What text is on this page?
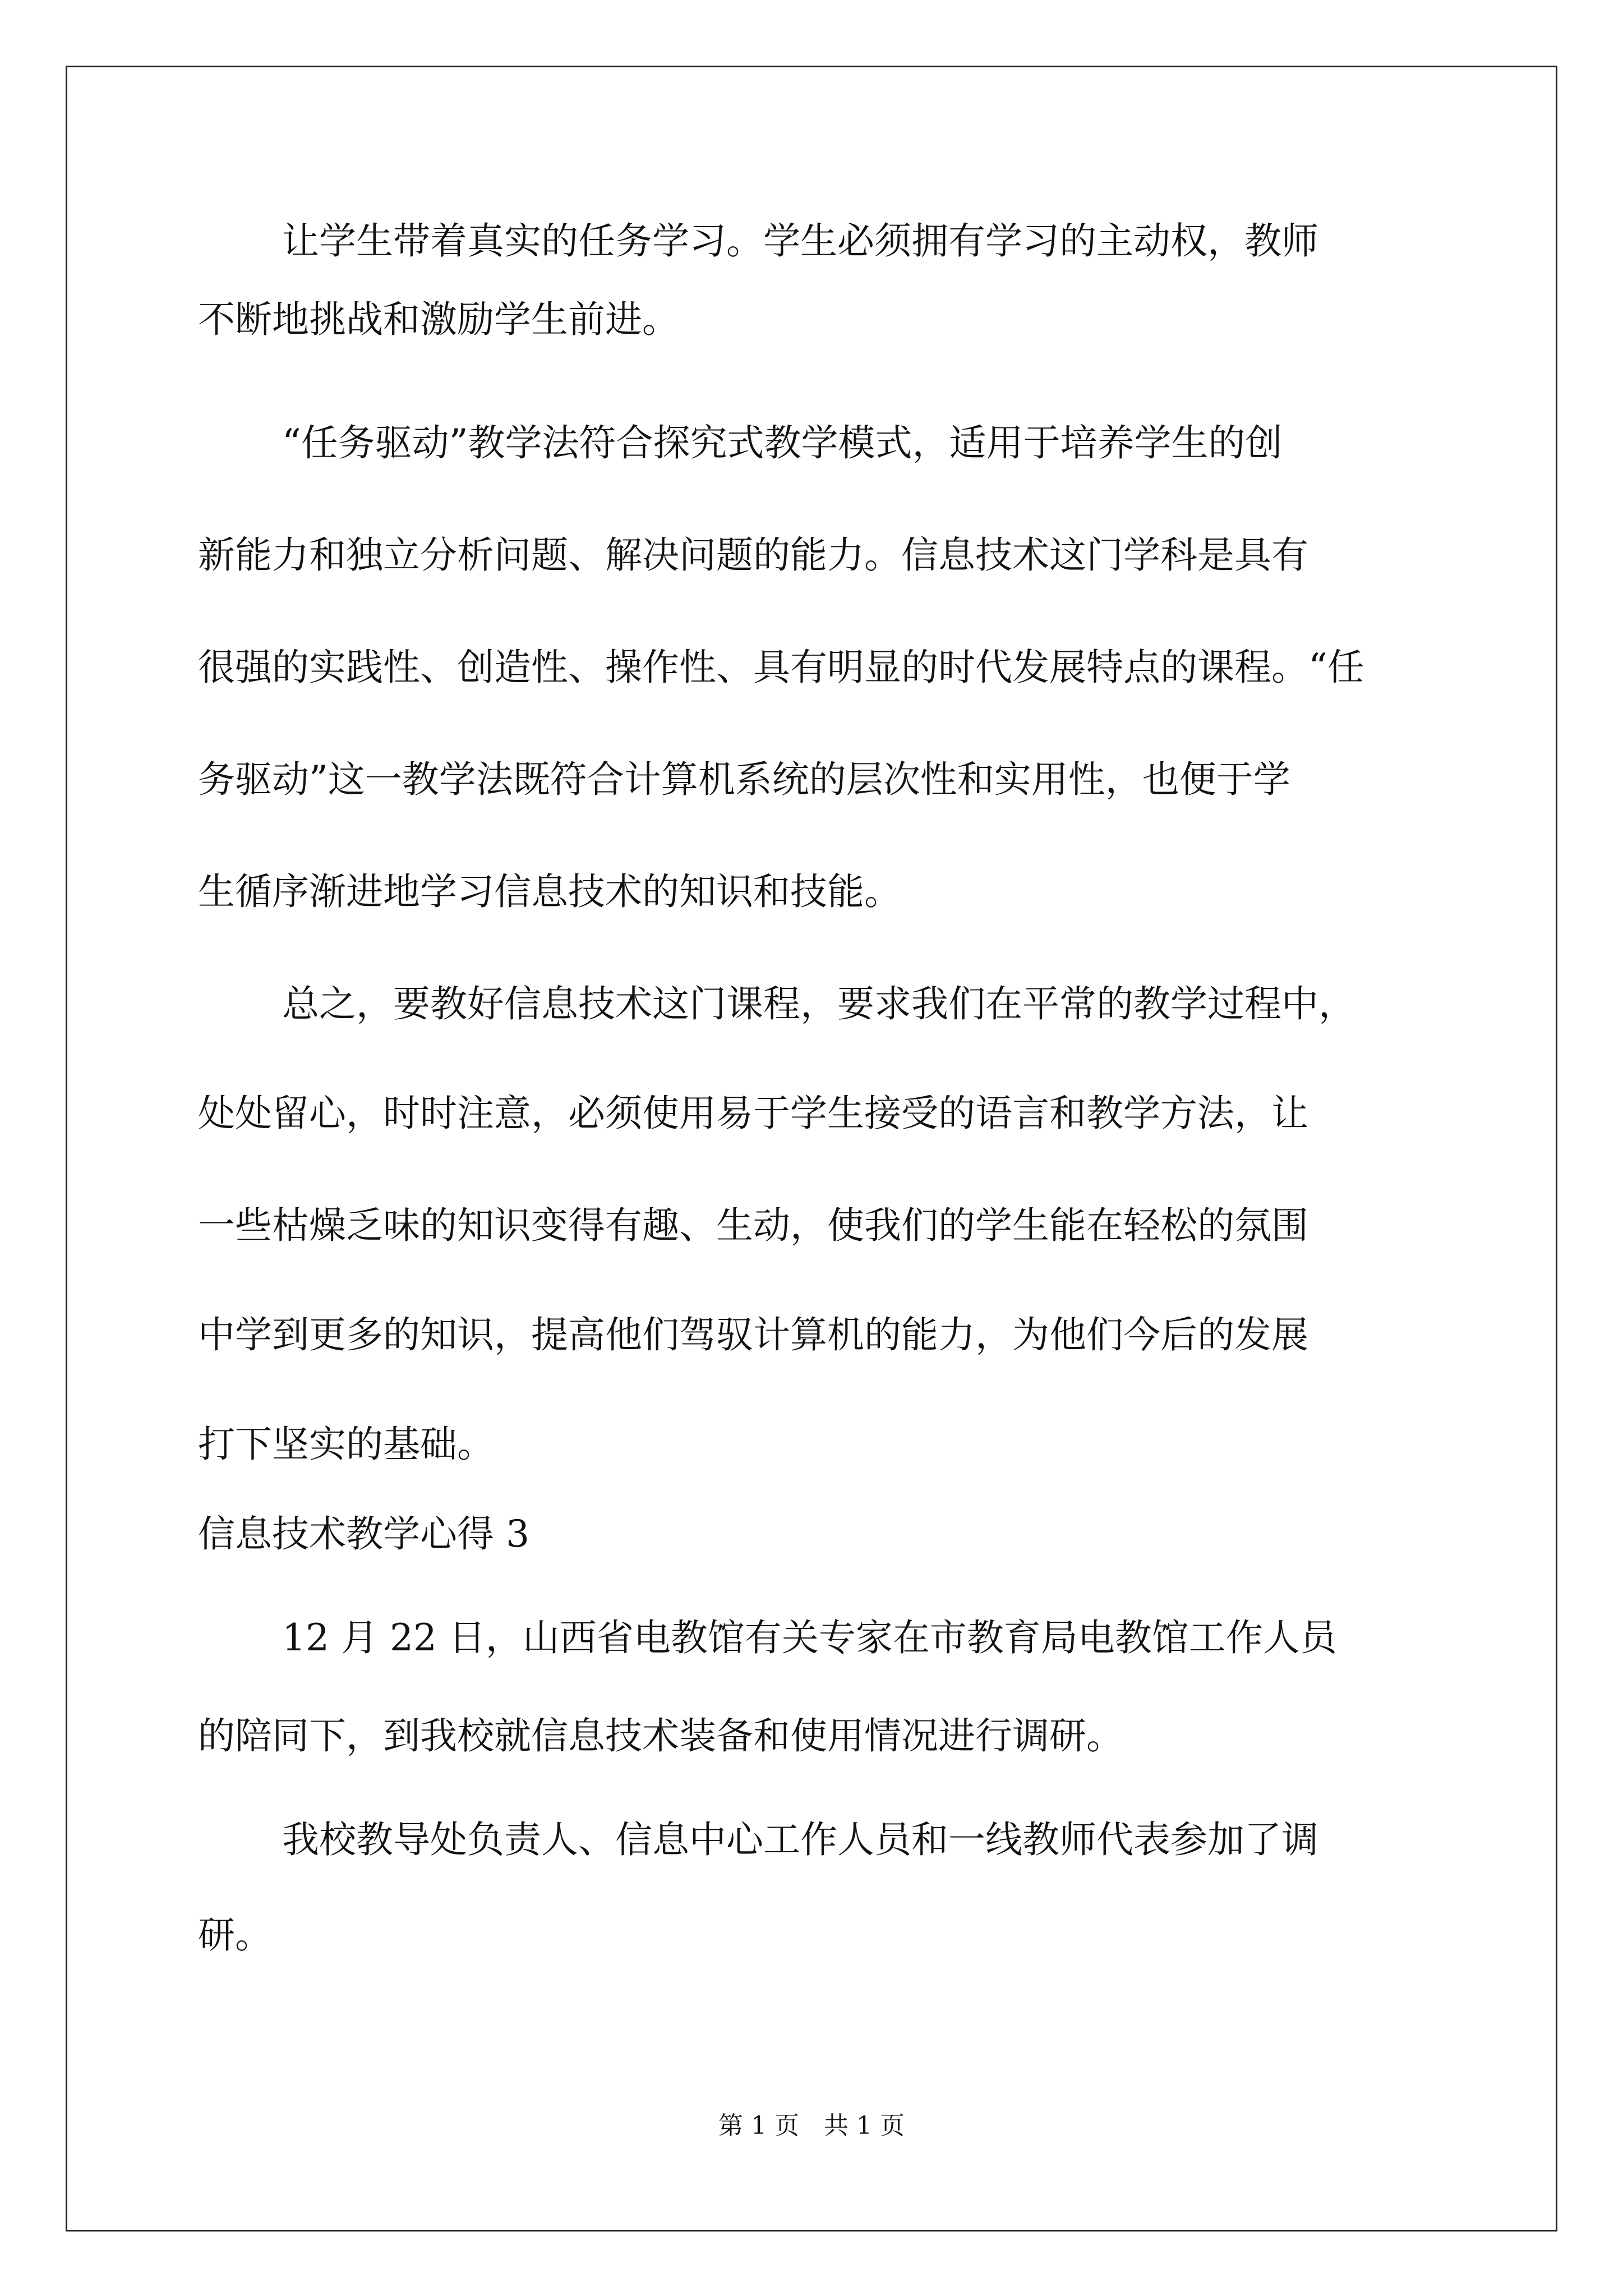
让学生带着真实的任务学习。学生必须拥有学习的主动权，教师
不断地挑战和激励学生前进。
“任务驱动”教学法符合探究式教学模式，适用于培养学生的创
新能力和独立分析问题、解决问题的能力。信息技术这门学科是具有
很强的实践性、创造性、操作性、具有明显的时代发展特点的课程。“任
务驱动”这一教学法既符合计算机系统的层次性和实用性，也便于学
生循序渐进地学习信息技术的知识和技能。
总之，要教好信息技术这门课程，要求我们在平常的教学过程中，
处处留心，时时注意，必须使用易于学生接受的语言和教学方法，让
一些枯燥乏味的知识变得有趣、生动，使我们的学生能在轻松的氛围
中学到更多的知识，提高他们驾驭计算机的能力，为他们今后的发展
打下坚实的基础。
信息技术教学心得 3
12 月 22 日，山西省电教馆有关专家在市教育局电教馆工作人员
的陪同下，到我校就信息技术装备和使用情况进行调研。
我校教导处负责人、信息中心工作人员和一线教师代表参加了调
研。
第 1 页　共 1 页
